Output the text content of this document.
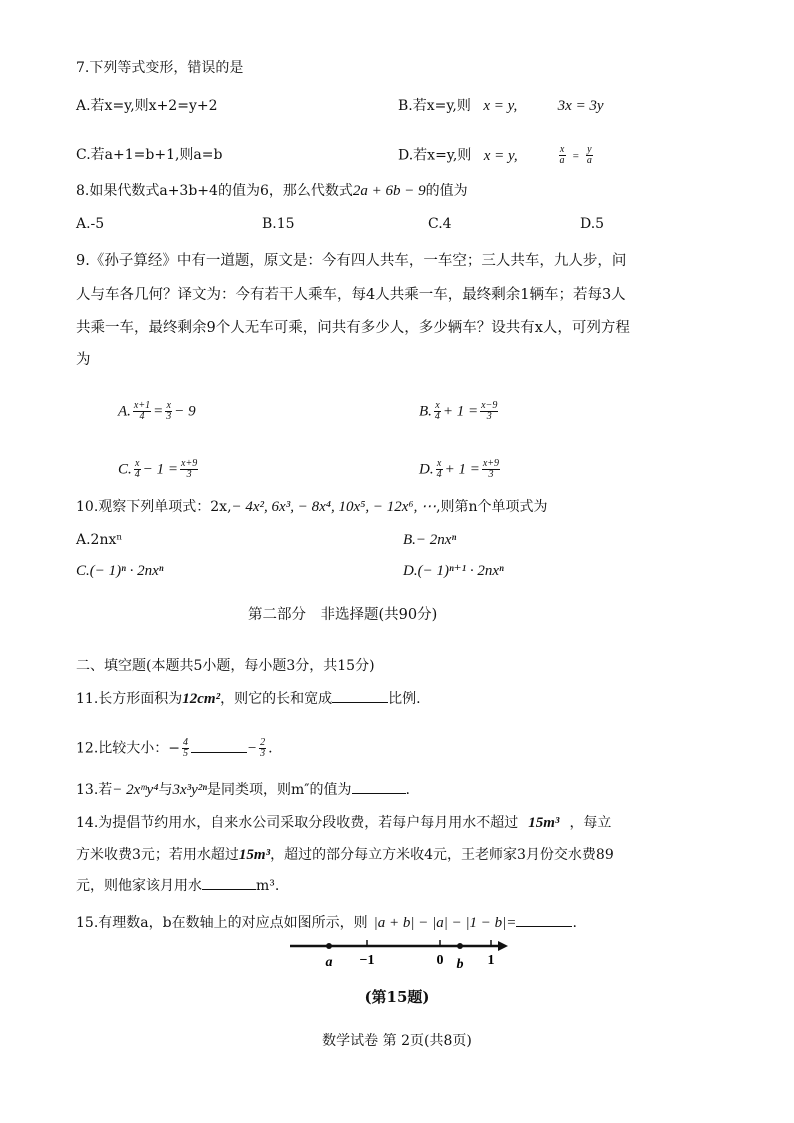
7.下列等式变形，错误的是
A.若x=y,则x+2=y+2	B.若x=y,则 x = y,	3x = 3y
C.若a+1=b+1,则a=b	D.若x=y,则 x = y,	$\frac{x}{a} = \frac{y}{a}$
8.如果代数式a+3b+4的值为6，那么代数式2a + 6b − 9的值为
A.-5	B.15	C.4	D.5
9.《孙子算经》中有一道题，原文是：今有四人共车，一车空；三人共车，九人步，问
人与车各几何？译文为：今有若干人乘车，每4人共乘一车，最终剩余1辆车；若每3人
共乘一车，最终剩余9个人无车可乘，问共有多少人，多少辆车？设共有x人，可列方程
为
A. $\frac{x+1}{4} = \frac{x}{3} - 9$	B. $\frac{x}{4} + 1 = \frac{x-9}{3}$
C. $\frac{x}{4} - 1 = \frac{x+9}{3}$	D. $\frac{x}{4} + 1 = \frac{x+9}{3}$
10.观察下列单项式：2x,− 4x², 6x³, − 8x⁴, 10x⁵, − 12x⁶, ⋯,则第n个单项式为
A.2nxⁿ	B.− 2nxⁿ
C.(− 1)ⁿ · 2nxⁿ	D.(− 1)ⁿ⁺¹ · 2nxⁿ
第二部分　非选择题(共90分)
二、填空题(本题共5小题，每小题3分，共15分)
11.长方形面积为12cm²，则它的长和宽成	比例.
12.比较大小：− $\frac{4}{5}$	− $\frac{2}{3}$ .
13.若− 2xᵐy⁴与3x³y²ⁿ是同类项，则m″的值为	.
14.为提倡节约用水，自来水公司采取分段收费，若每户每月用水不超过 15m³ ，每立
方米收费3元；若用水超过15m³，超过的部分每立方米收4元，王老师家3月份交水费89
元，则他家该月用水	m³.
15.有理数a，b在数轴上的对应点如图所示，则 |a + b| − |a| − |1 − b|=	.
a −1	0 b 1
(第15题)
数学试卷 第 2页(共8页)
